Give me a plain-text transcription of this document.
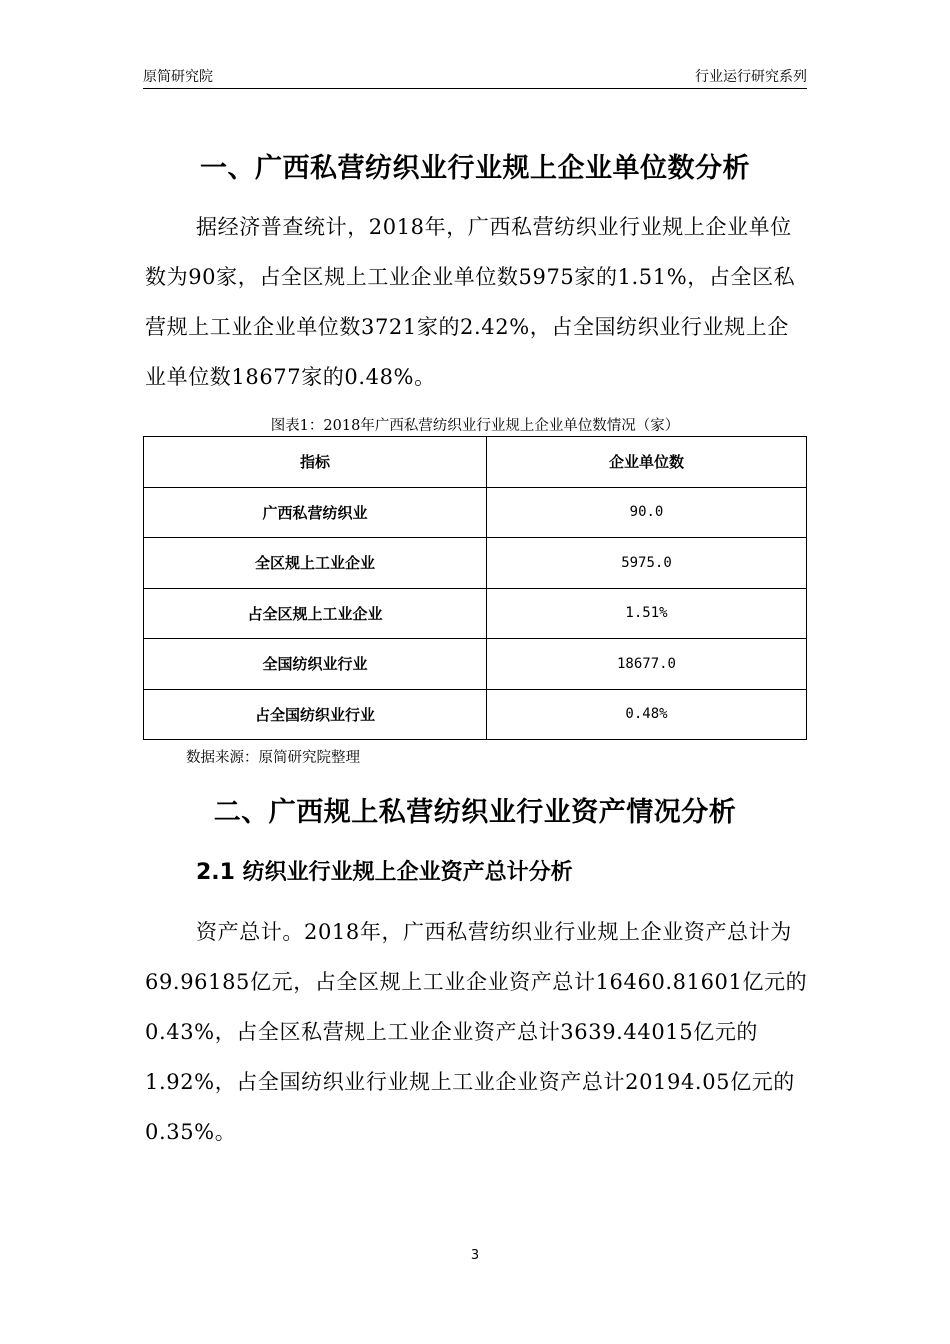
原简研究院	行业运行研究系列
一、广西私营纺织业行业规上企业单位数分析
据经济普查统计，2018年，广西私营纺织业行业规上企业单位数为90家，占全区规上工业企业单位数5975家的1.51%，占全区私营规上工业企业单位数3721家的2.42%，占全国纺织业行业规上企业单位数18677家的0.48%。
图表1：2018年广西私营纺织业行业规上企业单位数情况（家）
指标	企业单位数
广西私营纺织业	90.0
全区规上工业企业	5975.0
占全区规上工业企业	1.51%
全国纺织业行业	18677.0
占全国纺织业行业	0.48%
数据来源：原简研究院整理
二、广西规上私营纺织业行业资产情况分析
2.1 纺织业行业规上企业资产总计分析
资产总计。2018年，广西私营纺织业行业规上企业资产总计为69.96185亿元，占全区规上工业企业资产总计16460.81601亿元的0.43%，占全区私营规上工业企业资产总计3639.44015亿元的1.92%，占全国纺织业行业规上工业企业资产总计20194.05亿元的0.35%。
3
